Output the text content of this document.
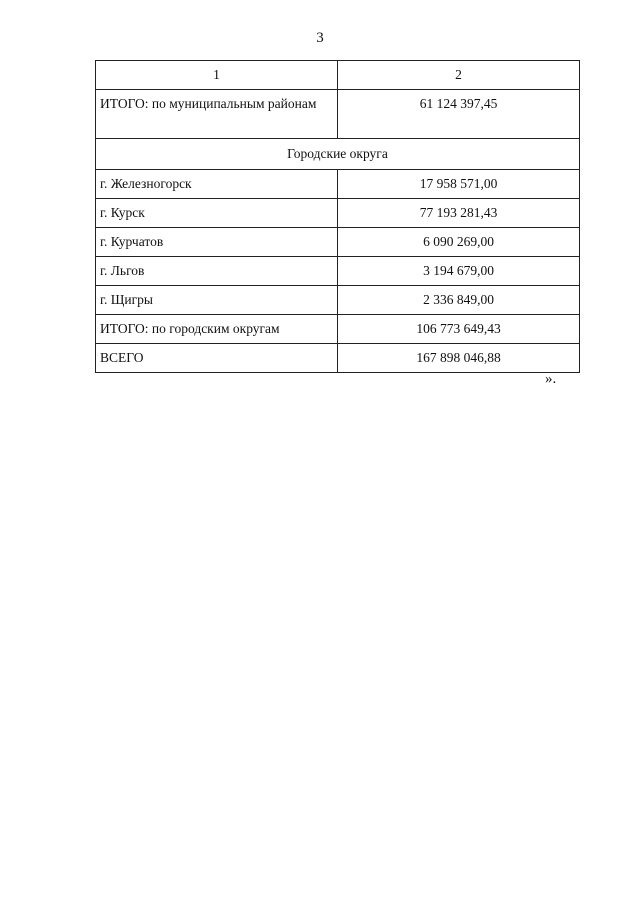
3
1	2
ИТОГО: по муниципальным районам	61 124 397,45
Городские округа	
г. Железногорск	17 958 571,00
г. Курск	77 193 281,43
г. Курчатов	6 090 269,00
г. Льгов	3 194 679,00
г. Щигры	2 336 849,00
ИТОГО: по городским округам	106 773 649,43
ВСЕГО	167 898 046,88
».
